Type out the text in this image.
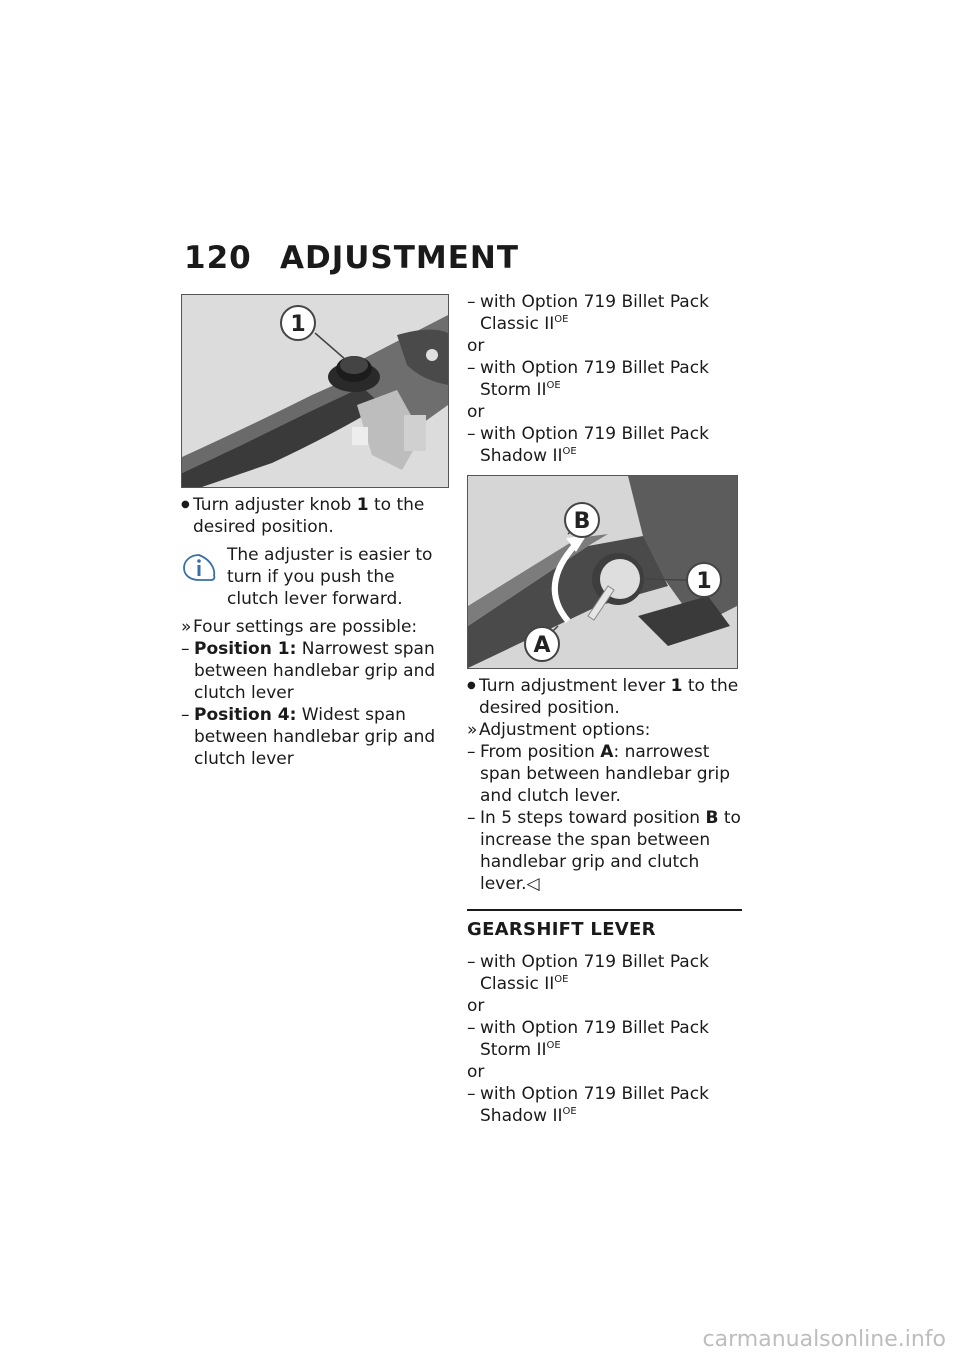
120 ADJUSTMENT
1

● Turn adjuster knob 1 to the desired position.

The adjuster is easier to turn if you push the clutch lever forward.

» Four settings are possible:

– Position 1: Narrowest span between handlebar grip and clutch lever

– Position 4: Widest span between handlebar grip and clutch lever

– with Option 719 Billet Pack Classic $II^{OE}$

or

– with Option 719 Billet Pack Storm $II^{OE}$

or

– with Option 719 Billet Pack Shadow $II^{OE}$

1
B
A

● Turn adjustment lever 1 to the desired position.

» Adjustment options:

– From position A: narrowest span between handlebar grip and clutch lever.

– In 5 steps toward position B to increase the span between handlebar grip and clutch lever.◁

GEARSHIFT LEVER

– with Option 719 Billet Pack Classic $II^{OE}$

or

– with Option 719 Billet Pack Storm $II^{OE}$

or

– with Option 719 Billet Pack Shadow $II^{OE}$

carmanualsonline.info
